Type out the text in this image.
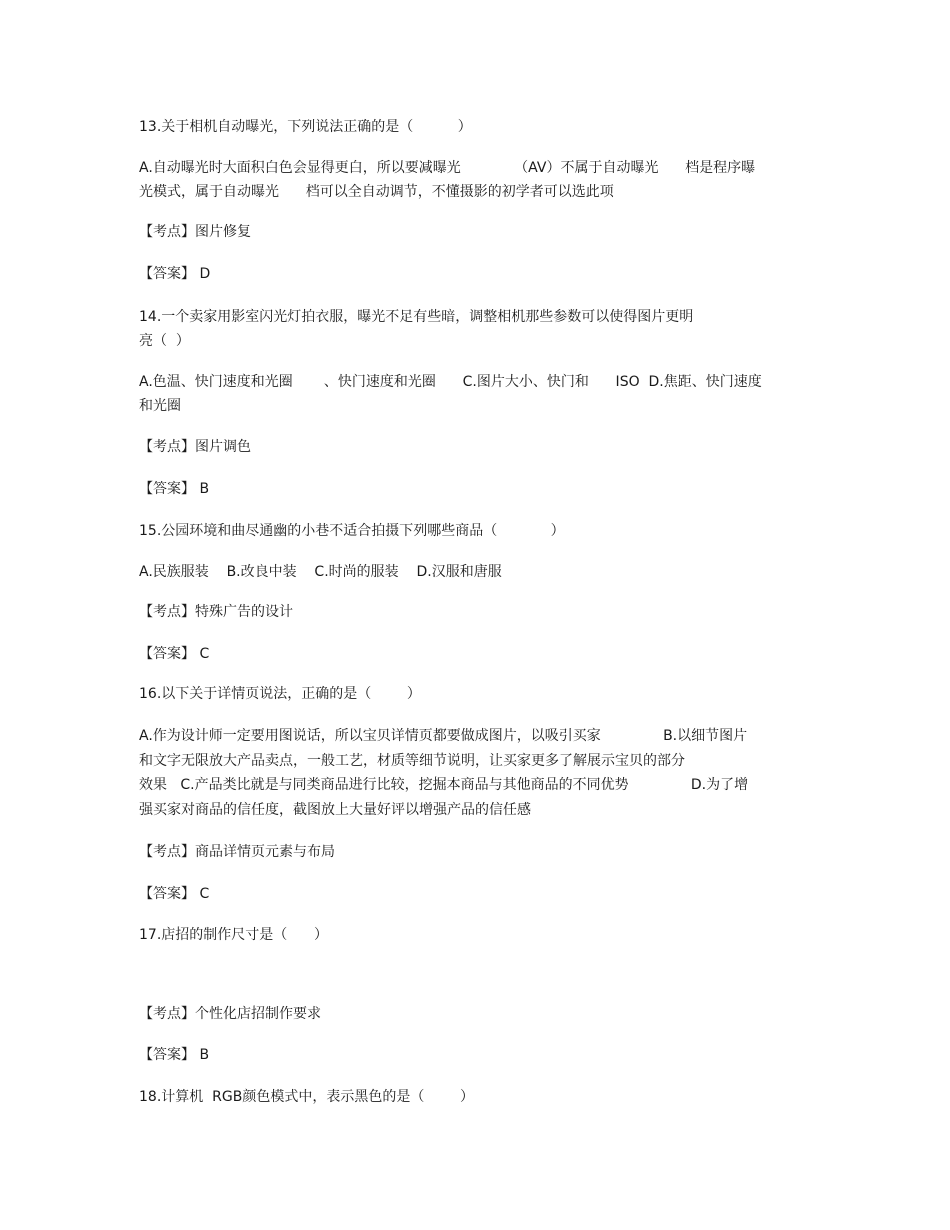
13.关于相机自动曝光，下列说法正确的是（          ）
A.自动曝光时大面积白色会显得更白，所以要减曝光            （AV）不属于自动曝光      档是程序曝
光模式，属于自动曝光      档可以全自动调节，不懂摄影的初学者可以选此项
【考点】图片修复
【答案】 D
14.一个卖家用影室闪光灯拍衣服，曝光不足有些暗，调整相机那些参数可以使得图片更明
亮（  ）
A.色温、快门速度和光圈       、快门速度和光圈      C.图片大小、快门和      ISO  D.焦距、快门速度
和光圈
【考点】图片调色
【答案】 B
15.公园环境和曲尽通幽的小巷不适合拍摄下列哪些商品（            ）
A.民族服装    B.改良中装    C.时尚的服装    D.汉服和唐服
【考点】特殊广告的设计
【答案】 C
16.以下关于详情页说法，正确的是（        ）
A.作为设计师一定要用图说话，所以宝贝详情页都要做成图片，以吸引买家              B.以细节图片
和文字无限放大产品卖点，一般工艺，材质等细节说明，让买家更多了解展示宝贝的部分
效果   C.产品类比就是与同类商品进行比较，挖掘本商品与其他商品的不同优势              D.为了增
强买家对商品的信任度，截图放上大量好评以增强产品的信任感
【考点】商品详情页元素与布局
【答案】 C
17.店招的制作尺寸是（      ）
【考点】个性化店招制作要求
【答案】 B
18.计算机  RGB颜色模式中，表示黑色的是（        ）
